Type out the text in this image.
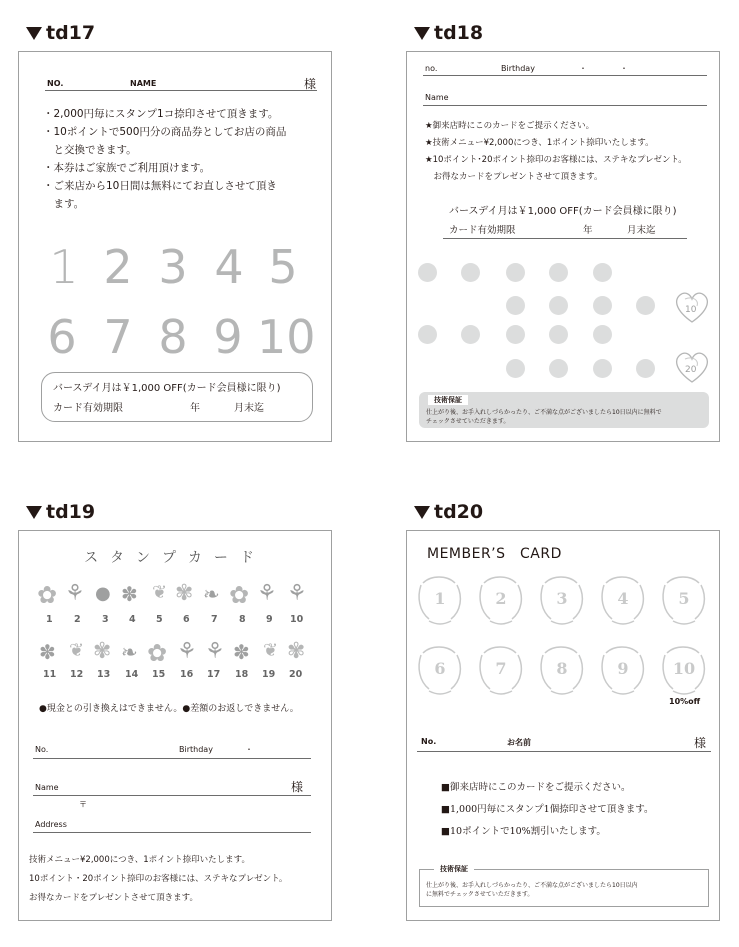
td17	td18
td19	td20
NO.	NAME	様
・2,000円毎にスタンプ1コ捺印させて頂きます。
・10ポイントで500円分の商品券としてお店の商品
　と交換できます。
・本券はご家族でご利用頂けます。
・ご来店から10日間は無料にてお直しさせて頂き
　ます。
1 2 3 4 5
6 7 8 9 10
バースデイ月は￥1,000 OFF(カード会員様に限り)
カード有効期限	年	月末迄
no.	Birthday	・	・
Name
★御来店時にこのカードをご提示ください。
★技術メニュー¥2,000につき、1ポイント捺印いたします。
★10ポイント･20ポイント捺印のお客様には、ステキなプレゼント。
　お得なカードをプレゼントさせて頂きます。
バースデイ月は￥1,000 OFF(カード会員様に限り)
カード有効期限	年	月末迄
10
20
技術保証
仕上がり後、お手入れしづらかったり、ご不満な点がございましたら10日以内に無料で
チェックさせていただきます。
スタンプカード
✿ ⚘ ● ✽ ❦ ✾ ❧ ✿ ⚘ ⚘
1 2 3 4 5 6 7 8 9 10
✽ ❦ ✾ ❧ ✿ ⚘ ⚘ ✽ ❦ ✾
11 12 13 14 15 16 17 18 19 20
●現金との引き換えはできません。●差額のお返しできません。
No.	Birthday	・
Name	様
〒
Address
技術メニュー¥2,000につき、1ポイント捺印いたします。
10ポイント・20ポイント捺印のお客様には、ステキなプレゼント。
お得なカードをプレゼントさせて頂きます。
MEMBER’S　CARD
1	2	3	4	5
6	7	8	9	10
10%off
No.	お名前	様
■御来店時にこのカードをご提示ください。
■1,000円毎にスタンプ1個捺印させて頂きます。
■10ポイントで10%割引いたします。
技術保証
仕上がり後、お手入れしづらかったり、ご不満な点がございましたら10日以内
に無料でチェックさせていただきます。
